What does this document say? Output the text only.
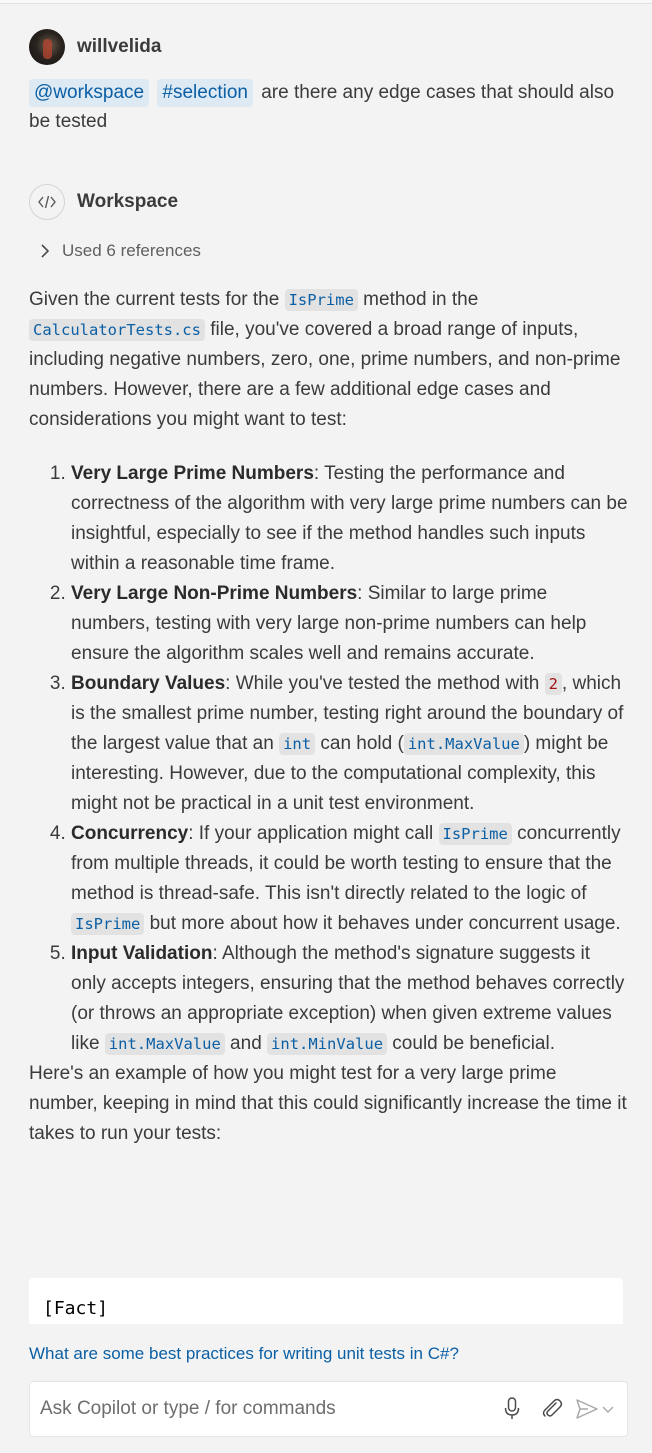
willvelida
@workspace #selection are there any edge cases that should also be tested
Workspace
Used 6 references

Given the current tests for the IsPrime method in the CalculatorTests.cs file, you've covered a broad range of inputs, including negative numbers, zero, one, prime numbers, and non-prime numbers. However, there are a few additional edge cases and considerations you might want to test:

1. Very Large Prime Numbers: Testing the performance and correctness of the algorithm with very large prime numbers can be insightful, especially to see if the method handles such inputs within a reasonable time frame.
2. Very Large Non-Prime Numbers: Similar to large prime numbers, testing with very large non-prime numbers can help ensure the algorithm scales well and remains accurate.
3. Boundary Values: While you've tested the method with 2 , which is the smallest prime number, testing right around the boundary of the largest value that an int can hold ( int.MaxValue ) might be interesting. However, due to the computational complexity, this might not be practical in a unit test environment.
4. Concurrency: If your application might call IsPrime concurrently from multiple threads, it could be worth testing to ensure that the method is thread-safe. This isn't directly related to the logic of IsPrime but more about how it behaves under concurrent usage.
5. Input Validation: Although the method's signature suggests it only accepts integers, ensuring that the method behaves correctly (or throws an appropriate exception) when given extreme values like int.MaxValue and int.MinValue could be beneficial.

Here's an example of how you might test for a very large prime number, keeping in mind that this could significantly increase the time it takes to run your tests:

[Fact]
What are some best practices for writing unit tests in C#?
Ask Copilot or type / for commands
